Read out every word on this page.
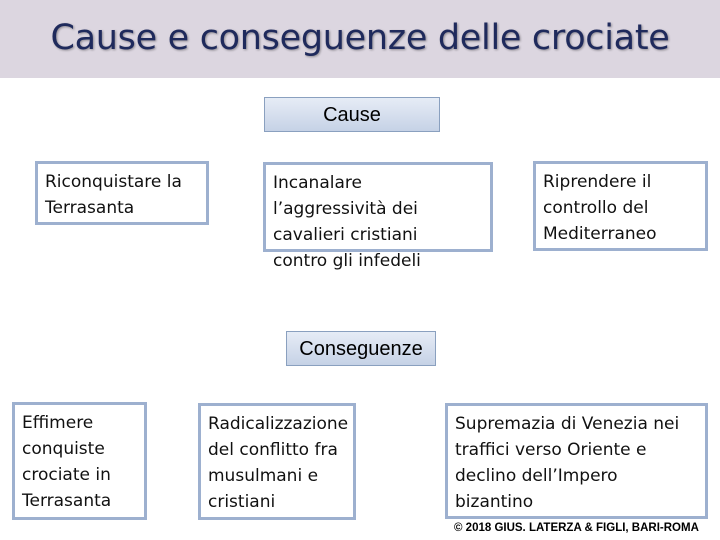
Cause e conseguenze delle crociate
Cause
Riconquistare la
Terrasanta
Incanalare
l’aggressività dei
cavalieri cristiani
contro gli infedeli
Riprendere il
controllo del
Mediterraneo
Conseguenze
Effimere
conquiste
crociate in
Terrasanta
Radicalizzazione
del conflitto fra
musulmani e
cristiani
Supremazia di Venezia nei
traffici verso Oriente e
declino dell’Impero
bizantino
© 2018 GIUS. LATERZA & FIGLI, BARI-ROMA
